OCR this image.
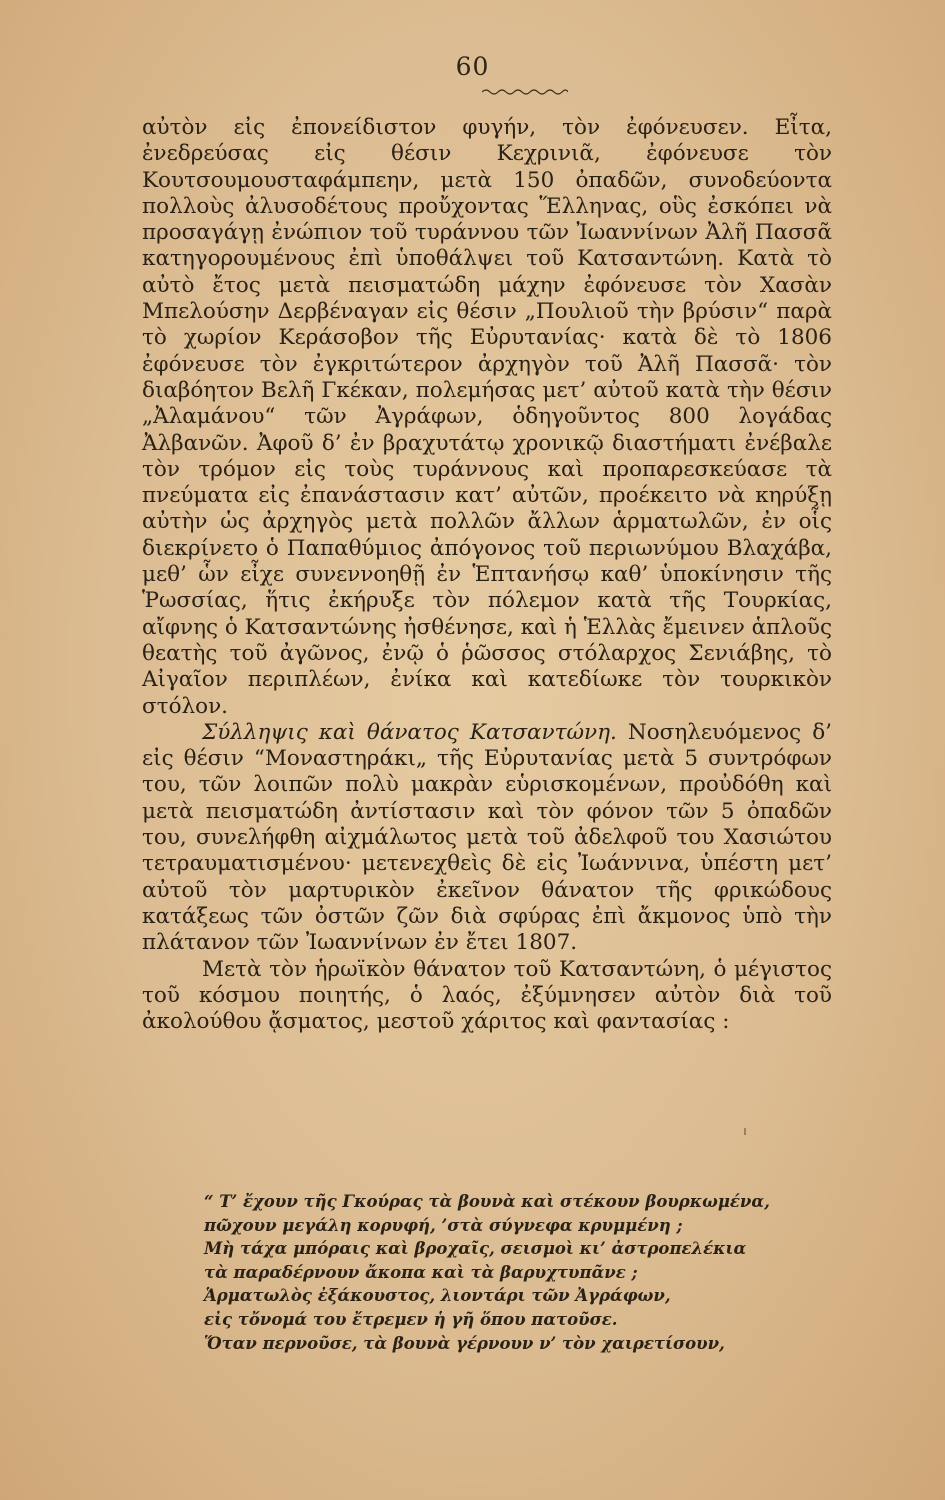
60

αὐτὸν εἰς ἐπονείδιστον φυγήν, τὸν ἐφόνευσεν. Εἶτα, ἐνεδρεύσας εἰς θέσιν Κεχρινιᾶ, ἐφόνευσε τὸν Κουτσουμουσταφάμπεην, μετὰ 150 ὀπαδῶν, συνοδεύοντα πολλοὺς ἀλυσοδέτους προὔχοντας Ἕλληνας, οὓς ἐσκόπει νὰ προσαγάγῃ ἐνώπιον τοῦ τυράννου τῶν Ἰωαννίνων Ἀλῆ Πασσᾶ κατηγορουμένους ἐπὶ ὑποθάλψει τοῦ Κατσαντώνη. Κατὰ τὸ αὐτὸ ἔτος μετὰ πεισματώδη μάχην ἐφόνευσε τὸν Χασὰν Μπελούσην Δερβέναγαν εἰς θέσιν „Πουλιοῦ τὴν βρύσιν“ παρὰ τὸ χωρίον Κεράσοβον τῆς Εὐρυτανίας· κατὰ δὲ τὸ 1806 ἐφόνευσε τὸν ἐγκριτώτερον ἀρχηγὸν τοῦ Ἀλῆ Πασσᾶ· τὸν διαβόητον Βελῆ Γκέκαν, πολεμήσας μετ’ αὐτοῦ κατὰ τὴν θέσιν „Ἀλαμάνου“ τῶν Ἀγράφων, ὁδηγοῦντος 800 λογάδας Ἀλβανῶν. Ἀφοῦ δ’ ἐν βραχυτάτῳ χρονικῷ διαστήματι ἐνέβαλε τὸν τρόμον εἰς τοὺς τυράννους καὶ προπαρεσκεύασε τὰ πνεύματα εἰς ἐπανάστασιν κατ’ αὐτῶν, προέκειτο νὰ κηρύξῃ αὐτὴν ὡς ἀρχηγὸς μετὰ πολλῶν ἄλλων ἁρματωλῶν, ἐν οἷς διεκρίνετο ὁ Παπαθύμιος ἀπόγονος τοῦ περιωνύμου Βλαχάβα, μεθ’ ὧν εἶχε συνεννοηθῇ ἐν Ἑπτανήσῳ καθ’ ὑποκίνησιν τῆς Ῥωσσίας, ἥτις ἐκήρυξε τὸν πόλεμον κατὰ τῆς Τουρκίας, αἴφνης ὁ Κατσαντώνης ἠσθένησε, καὶ ἡ Ἑλλὰς ἔμεινεν ἁπλοῦς θεατὴς τοῦ ἀγῶνος, ἐνῷ ὁ ῥῶσσος στόλαρχος Σενιάβης, τὸ Αἰγαῖον περιπλέων, ἐνίκα καὶ κατεδίωκε τὸν τουρκικὸν στόλον.

Σύλληψις καὶ θάνατος Κατσαντώνη. Νοσηλευόμενος δ’ εἰς θέσιν “Μοναστηράκι„ τῆς Εὐρυτανίας μετὰ 5 συντρόφων του, τῶν λοιπῶν πολὺ μακρὰν εὑρισκομένων, προὐδόθη καὶ μετὰ πεισματώδη ἀντίστασιν καὶ τὸν φόνον τῶν 5 ὀπαδῶν του, συνελήφθη αἰχμάλωτος μετὰ τοῦ ἀδελφοῦ του Χασιώτου τετραυματισμένου· μετενεχθεὶς δὲ εἰς Ἰωάννινα, ὑπέστη μετ’ αὐτοῦ τὸν μαρτυρικὸν ἐκεῖνον θάνατον τῆς φρικώδους κατάξεως τῶν ὀστῶν ζῶν διὰ σφύρας ἐπὶ ἄκμονος ὑπὸ τὴν πλάτανον τῶν Ἰωαννίνων ἐν ἔτει 1807.

Μετὰ τὸν ἡρωϊκὸν θάνατον τοῦ Κατσαντώνη, ὁ μέγιστος τοῦ κόσμου ποιητής, ὁ λαός, ἐξύμνησεν αὐτὸν διὰ τοῦ ἀκολούθου ᾄσματος, μεστοῦ χάριτος καὶ φαντασίας :

“ Τ’ ἔχουν τῆς Γκούρας τὰ βουνὰ καὶ στέκουν βουρκωμένα,
πῶχουν μεγάλη κορυφή, ’στὰ σύγνεφα κρυμμένη ;
Μὴ τάχα μπόραις καὶ βροχαῖς, σεισμοὶ κι’ ἀστροπελέκια
τὰ παραδέρνουν ἄκοπα καὶ τὰ βαρυχτυπᾶνε ;
Ἁρματωλὸς ἐξάκουστος, λιοντάρι τῶν Ἀγράφων,
εἰς τὄνομά του ἔτρεμεν ἡ γῆ ὅπου πατοῦσε.
Ὅταν περνοῦσε, τὰ βουνὰ γέρνουν ν’ τὸν χαιρετίσουν,
